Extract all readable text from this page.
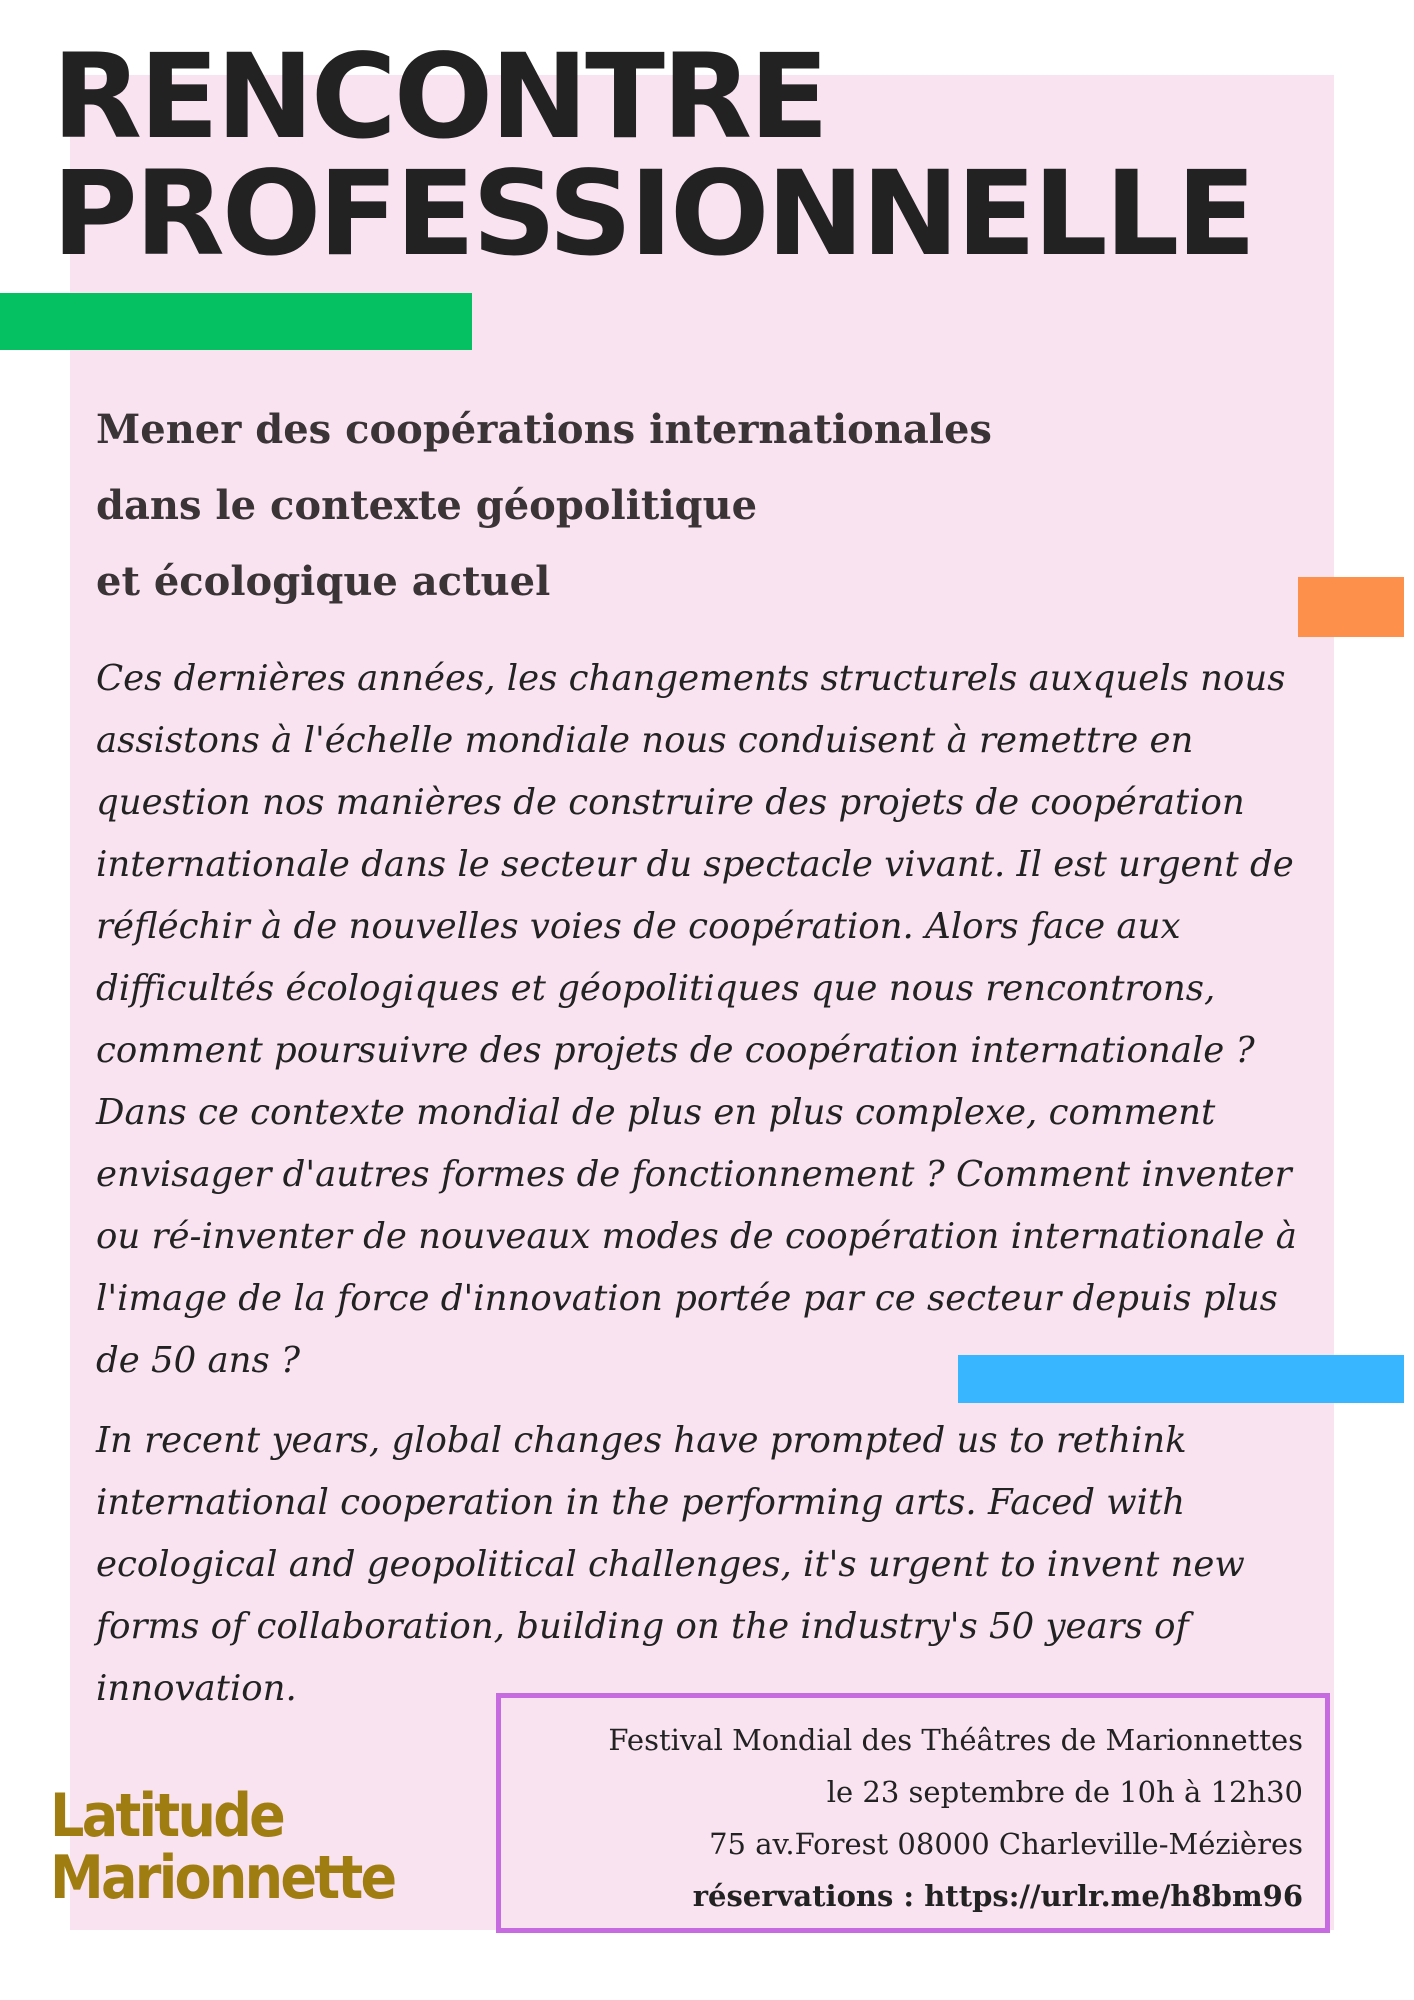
RENCONTRE
PROFESSIONNELLE
Mener des coopérations internationales
dans le contexte géopolitique
et écologique actuel

Ces dernières années, les changements structurels auxquels nous assistons à l'échelle mondiale nous conduisent à remettre en question nos manières de construire des projets de coopération internationale dans le secteur du spectacle vivant. Il est urgent de réfléchir à de nouvelles voies de coopération. Alors face aux difficultés écologiques et géopolitiques que nous rencontrons, comment poursuivre des projets de coopération internationale ? Dans ce contexte mondial de plus en plus complexe, comment envisager d'autres formes de fonctionnement ? Comment inventer ou ré-inventer de nouveaux modes de coopération internationale à l'image de la force d'innovation portée par ce secteur depuis plus de 50 ans ?

In recent years, global changes have prompted us to rethink international cooperation in the performing arts. Faced with ecological and geopolitical challenges, it's urgent to invent new forms of collaboration, building on the industry's 50 years of innovation.

Festival Mondial des Théâtres de Marionnettes
le 23 septembre de 10h à 12h30
75 av.Forest 08000 Charleville-Mézières
réservations : https://urlr.me/h8bm96
Latitude
Marionnette
